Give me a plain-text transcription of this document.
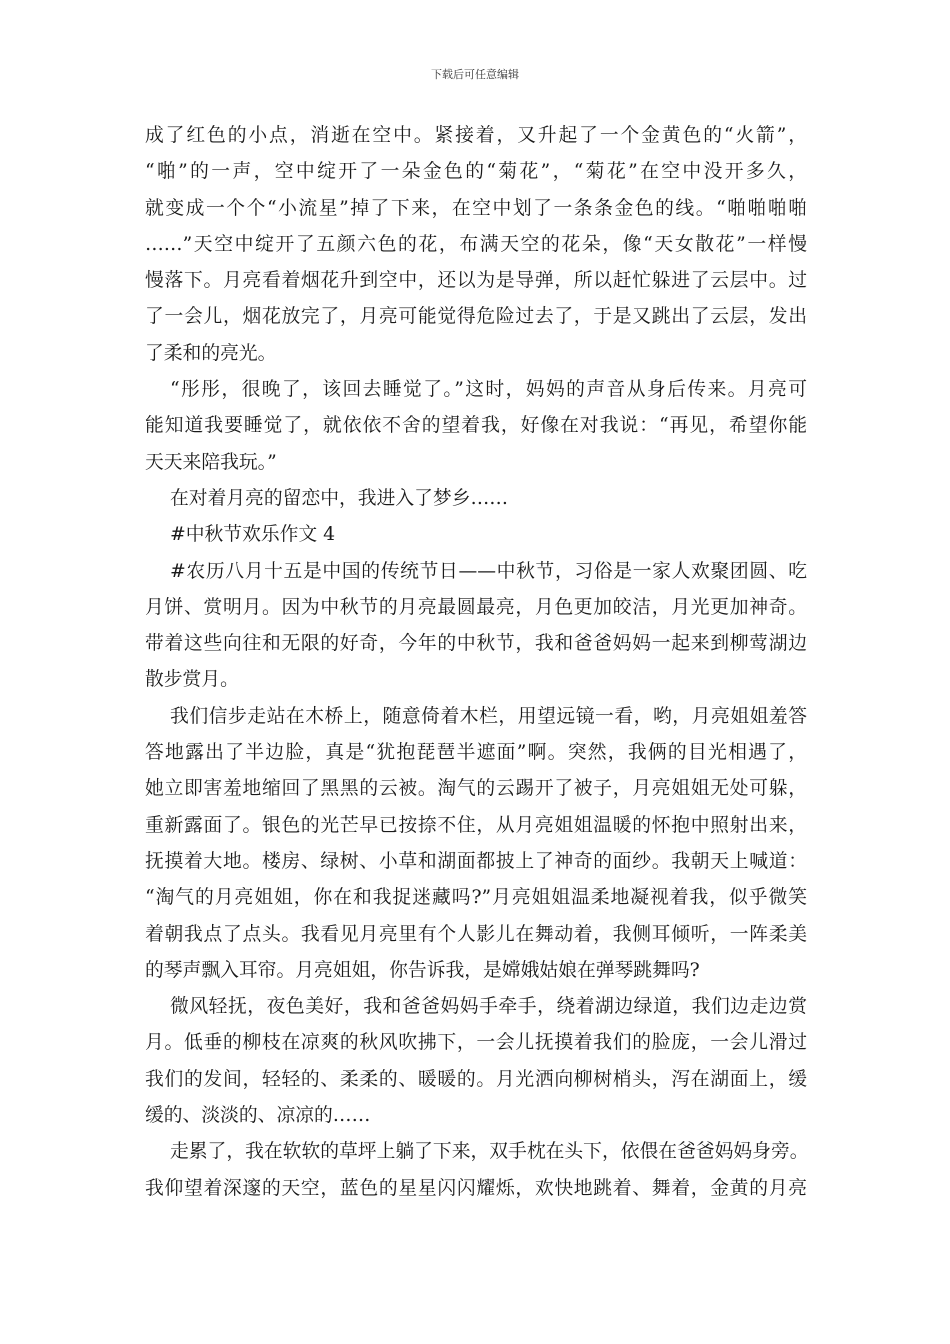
下载后可任意编辑
成了红色的小点，消逝在空中。紧接着，又升起了一个金黄色的“火箭”，
“啪”的一声，空中绽开了一朵金色的“菊花”，“菊花”在空中没开多久，
就变成一个个“小流星”掉了下来，在空中划了一条条金色的线。“啪啪啪啪
……”天空中绽开了五颜六色的花，布满天空的花朵，像“天女散花”一样慢
慢落下。月亮看着烟花升到空中，还以为是导弹，所以赶忙躲进了云层中。过
了一会儿，烟花放完了，月亮可能觉得危险过去了，于是又跳出了云层，发出
了柔和的亮光。
“彤彤，很晚了，该回去睡觉了。”这时，妈妈的声音从身后传来。月亮可
能知道我要睡觉了，就依依不舍的望着我，好像在对我说：“再见，希望你能
天天来陪我玩。”
在对着月亮的留恋中，我进入了梦乡……
#中秋节欢乐作文 4
#农历八月十五是中国的传统节日——中秋节，习俗是一家人欢聚团圆、吃
月饼、赏明月。因为中秋节的月亮最圆最亮，月色更加皎洁，月光更加神奇。
带着这些向往和无限的好奇，今年的中秋节，我和爸爸妈妈一起来到柳莺湖边
散步赏月。
我们信步走站在木桥上，随意倚着木栏，用望远镜一看，哟，月亮姐姐羞答
答地露出了半边脸，真是“犹抱琵琶半遮面”啊。突然，我俩的目光相遇了，
她立即害羞地缩回了黑黑的云被。淘气的云踢开了被子，月亮姐姐无处可躲，
重新露面了。银色的光芒早已按捺不住，从月亮姐姐温暖的怀抱中照射出来，
抚摸着大地。楼房、绿树、小草和湖面都披上了神奇的面纱。我朝天上喊道：
“淘气的月亮姐姐，你在和我捉迷藏吗?”月亮姐姐温柔地凝视着我，似乎微笑
着朝我点了点头。我看见月亮里有个人影儿在舞动着，我侧耳倾听，一阵柔美
的琴声飘入耳帘。月亮姐姐，你告诉我，是嫦娥姑娘在弹琴跳舞吗?
微风轻抚，夜色美好，我和爸爸妈妈手牵手，绕着湖边绿道，我们边走边赏
月。低垂的柳枝在凉爽的秋风吹拂下，一会儿抚摸着我们的脸庞，一会儿滑过
我们的发间，轻轻的、柔柔的、暖暖的。月光洒向柳树梢头，泻在湖面上，缓
缓的、淡淡的、凉凉的……
走累了，我在软软的草坪上躺了下来，双手枕在头下，依偎在爸爸妈妈身旁。
我仰望着深邃的天空，蓝色的星星闪闪耀烁，欢快地跳着、舞着，金黄的月亮
